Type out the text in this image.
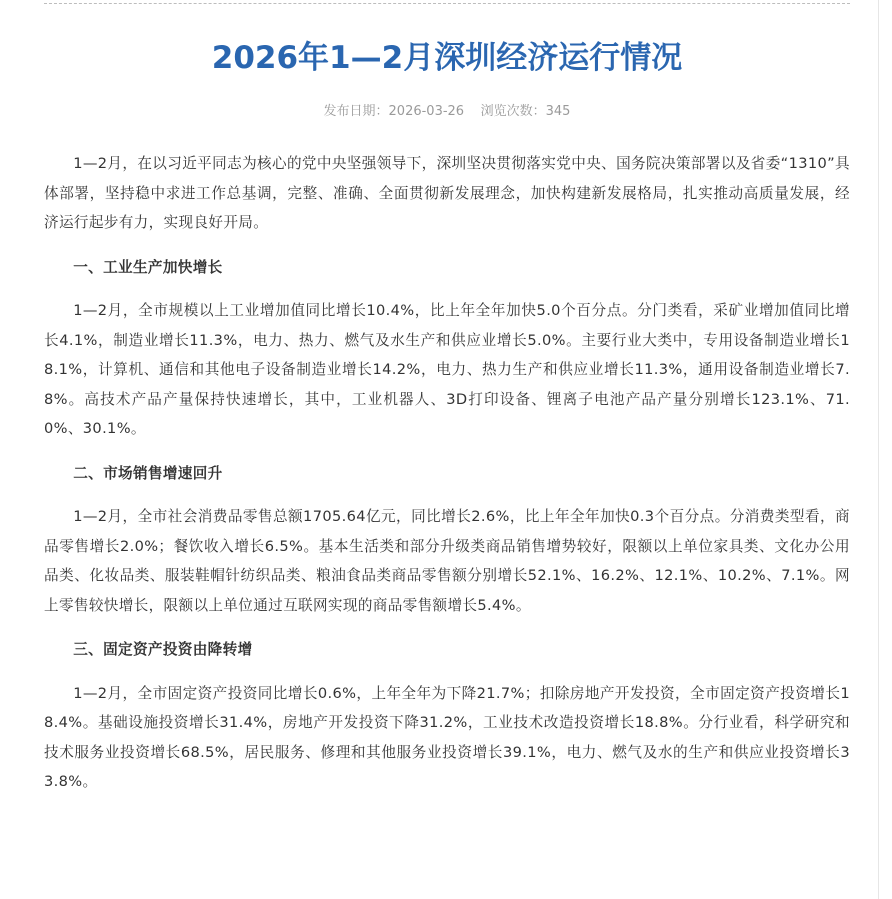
2026年1—2月深圳经济运行情况
发布日期：2026-03-26 浏览次数：345

1—2月，在以习近平同志为核心的党中央坚强领导下，深圳坚决贯彻落实党中央、国务院决策部署以及省委“1310”具体部署，坚持稳中求进工作总基调，完整、准确、全面贯彻新发展理念，加快构建新发展格局，扎实推动高质量发展，经济运行起步有力，实现良好开局。

一、工业生产加快增长

1—2月，全市规模以上工业增加值同比增长10.4%，比上年全年加快5.0个百分点。分门类看，采矿业增加值同比增长4.1%，制造业增长11.3%，电力、热力、燃气及水生产和供应业增长5.0%。主要行业大类中，专用设备制造业增长18.1%，计算机、通信和其他电子设备制造业增长14.2%，电力、热力生产和供应业增长11.3%，通用设备制造业增长7.8%。高技术产品产量保持快速增长，其中，工业机器人、3D打印设备、锂离子电池产品产量分别增长123.1%、71.0%、30.1%。

二、市场销售增速回升

1—2月，全市社会消费品零售总额1705.64亿元，同比增长2.6%，比上年全年加快0.3个百分点。分消费类型看，商品零售增长2.0%；餐饮收入增长6.5%。基本生活类和部分升级类商品销售增势较好，限额以上单位家具类、文化办公用品类、化妆品类、服装鞋帽针纺织品类、粮油食品类商品零售额分别增长52.1%、16.2%、12.1%、10.2%、7.1%。网上零售较快增长，限额以上单位通过互联网实现的商品零售额增长5.4%。

三、固定资产投资由降转增

1—2月，全市固定资产投资同比增长0.6%，上年全年为下降21.7%；扣除房地产开发投资，全市固定资产投资增长18.4%。基础设施投资增长31.4%，房地产开发投资下降31.2%，工业技术改造投资增长18.8%。分行业看，科学研究和技术服务业投资增长68.5%，居民服务、修理和其他服务业投资增长39.1%，电力、燃气及水的生产和供应业投资增长33.8%。
